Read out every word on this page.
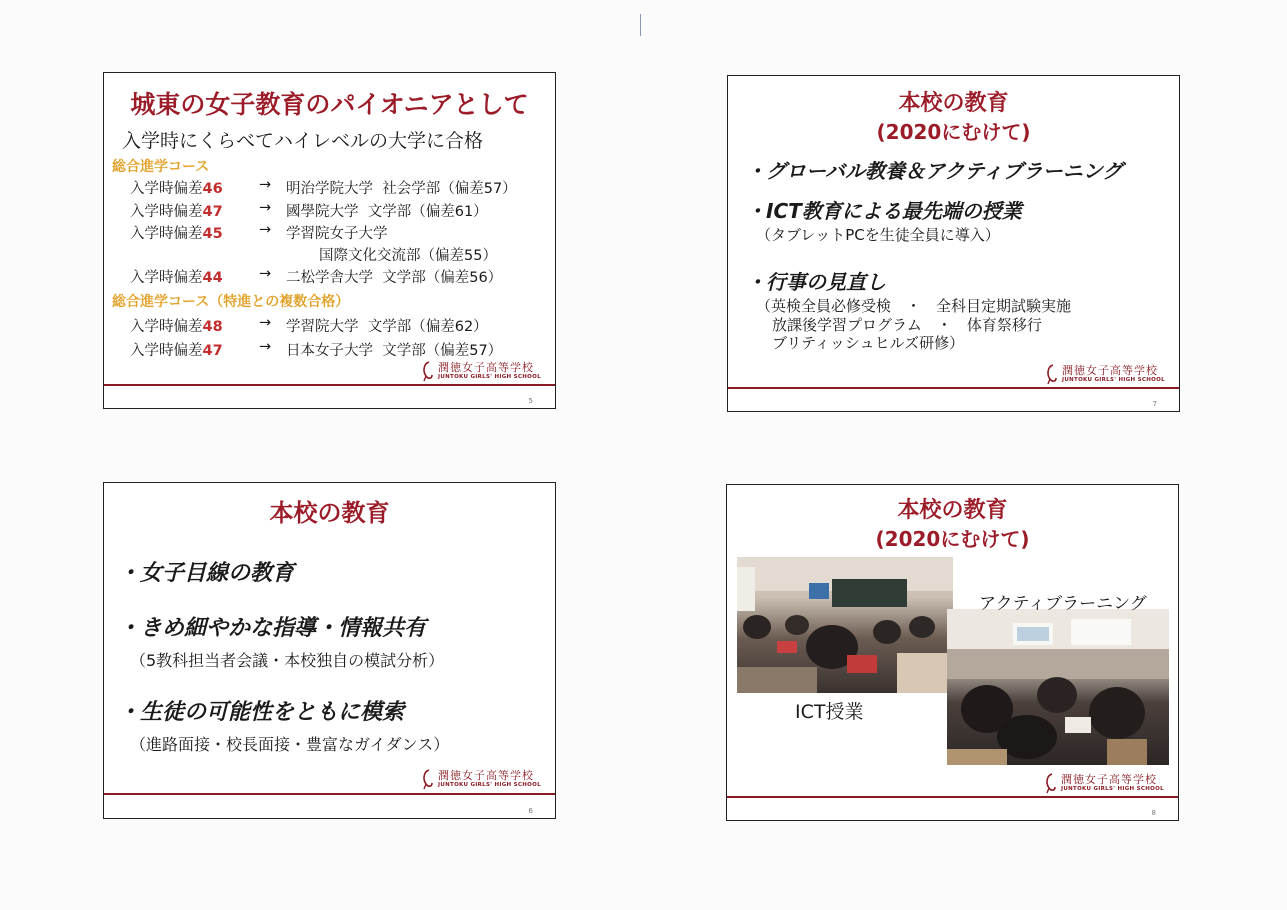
城東の女子教育のパイオニアとして
入学時にくらべてハイレベルの大学に合格
総合進学コース
入学時偏差46	→ 明治学院大学 社会学部（偏差57）
入学時偏差47	→ 國學院大学 文学部（偏差61）
入学時偏差45	→ 学習院女子大学
国際文化交流部（偏差55）
入学時偏差44	→ 二松学舎大学 文学部（偏差56）
総合進学コース（特進との複数合格）
入学時偏差48	→ 学習院大学 文学部（偏差62）
入学時偏差47	→ 日本女子大学 文学部（偏差57）
潤徳女子高等学校
JUNTOKU GIRLS' HIGH SCHOOL
5
本校の教育
(2020にむけて)
・グローバル教養＆アクティブラーニング
・ICT教育による最先端の授業
（タブレットPCを生徒全員に導入）
・行事の見直し
（英検全員必修受検　・　全科目定期試験実施
放課後学習プログラム　・　体育祭移行
ブリティッシュヒルズ研修）
潤徳女子高等学校
JUNTOKU GIRLS' HIGH SCHOOL
7
本校の教育
・女子目線の教育
・きめ細やかな指導・情報共有
（5教科担当者会議・本校独自の模試分析）
・生徒の可能性をともに模索
（進路面接・校長面接・豊富なガイダンス）
潤徳女子高等学校
JUNTOKU GIRLS' HIGH SCHOOL
6
本校の教育
(2020にむけて)
アクティブラーニング
ICT授業
潤徳女子高等学校
JUNTOKU GIRLS' HIGH SCHOOL
8
